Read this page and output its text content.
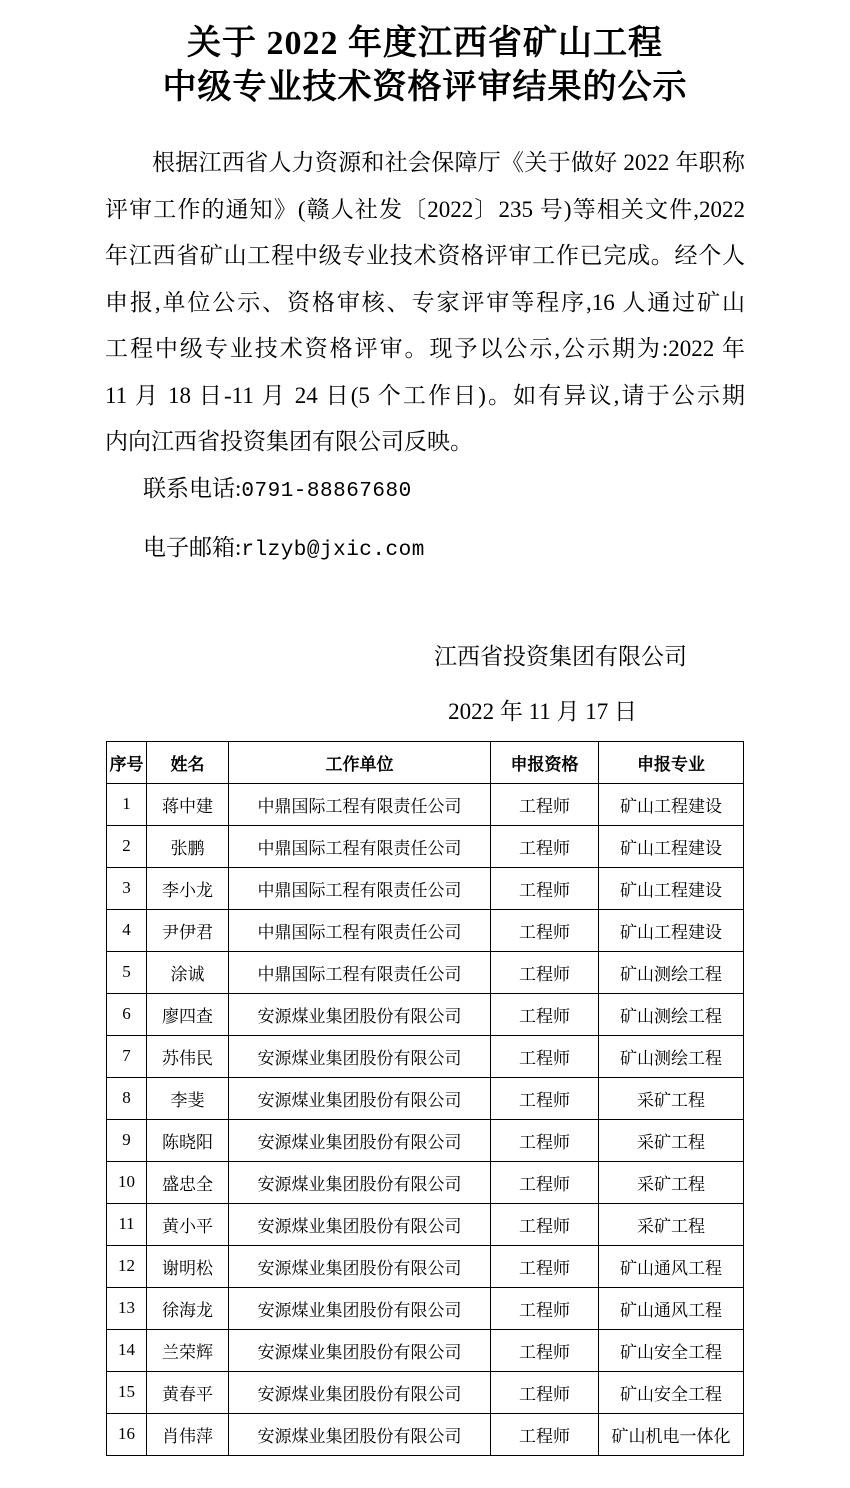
关于 2022 年度江西省矿山工程
中级专业技术资格评审结果的公示
根据江西省人力资源和社会保障厅《关于做好 2022 年职称
评审工作的通知》(赣人社发〔2022〕235 号)等相关文件,2022
年江西省矿山工程中级专业技术资格评审工作已完成。经个人
申报,单位公示、资格审核、专家评审等程序,16 人通过矿山
工程中级专业技术资格评审。现予以公示,公示期为:2022 年
11 月 18 日-11 月 24 日(5 个工作日)。如有异议,请于公示期
内向江西省投资集团有限公司反映。
联系电话:0791-88867680
电子邮箱:rlzyb@jxic.com
江西省投资集团有限公司
2022 年 11 月 17 日
序号	姓名	工作单位	申报资格	申报专业
1	蒋中建	中鼎国际工程有限责任公司	工程师	矿山工程建设
2	张鹏	中鼎国际工程有限责任公司	工程师	矿山工程建设
3	李小龙	中鼎国际工程有限责任公司	工程师	矿山工程建设
4	尹伊君	中鼎国际工程有限责任公司	工程师	矿山工程建设
5	涂诚	中鼎国际工程有限责任公司	工程师	矿山测绘工程
6	廖四查	安源煤业集团股份有限公司	工程师	矿山测绘工程
7	苏伟民	安源煤业集团股份有限公司	工程师	矿山测绘工程
8	李斐	安源煤业集团股份有限公司	工程师	采矿工程
9	陈晓阳	安源煤业集团股份有限公司	工程师	采矿工程
10	盛忠全	安源煤业集团股份有限公司	工程师	采矿工程
11	黄小平	安源煤业集团股份有限公司	工程师	采矿工程
12	谢明松	安源煤业集团股份有限公司	工程师	矿山通风工程
13	徐海龙	安源煤业集团股份有限公司	工程师	矿山通风工程
14	兰荣辉	安源煤业集团股份有限公司	工程师	矿山安全工程
15	黄春平	安源煤业集团股份有限公司	工程师	矿山安全工程
16	肖伟萍	安源煤业集团股份有限公司	工程师	矿山机电一体化
